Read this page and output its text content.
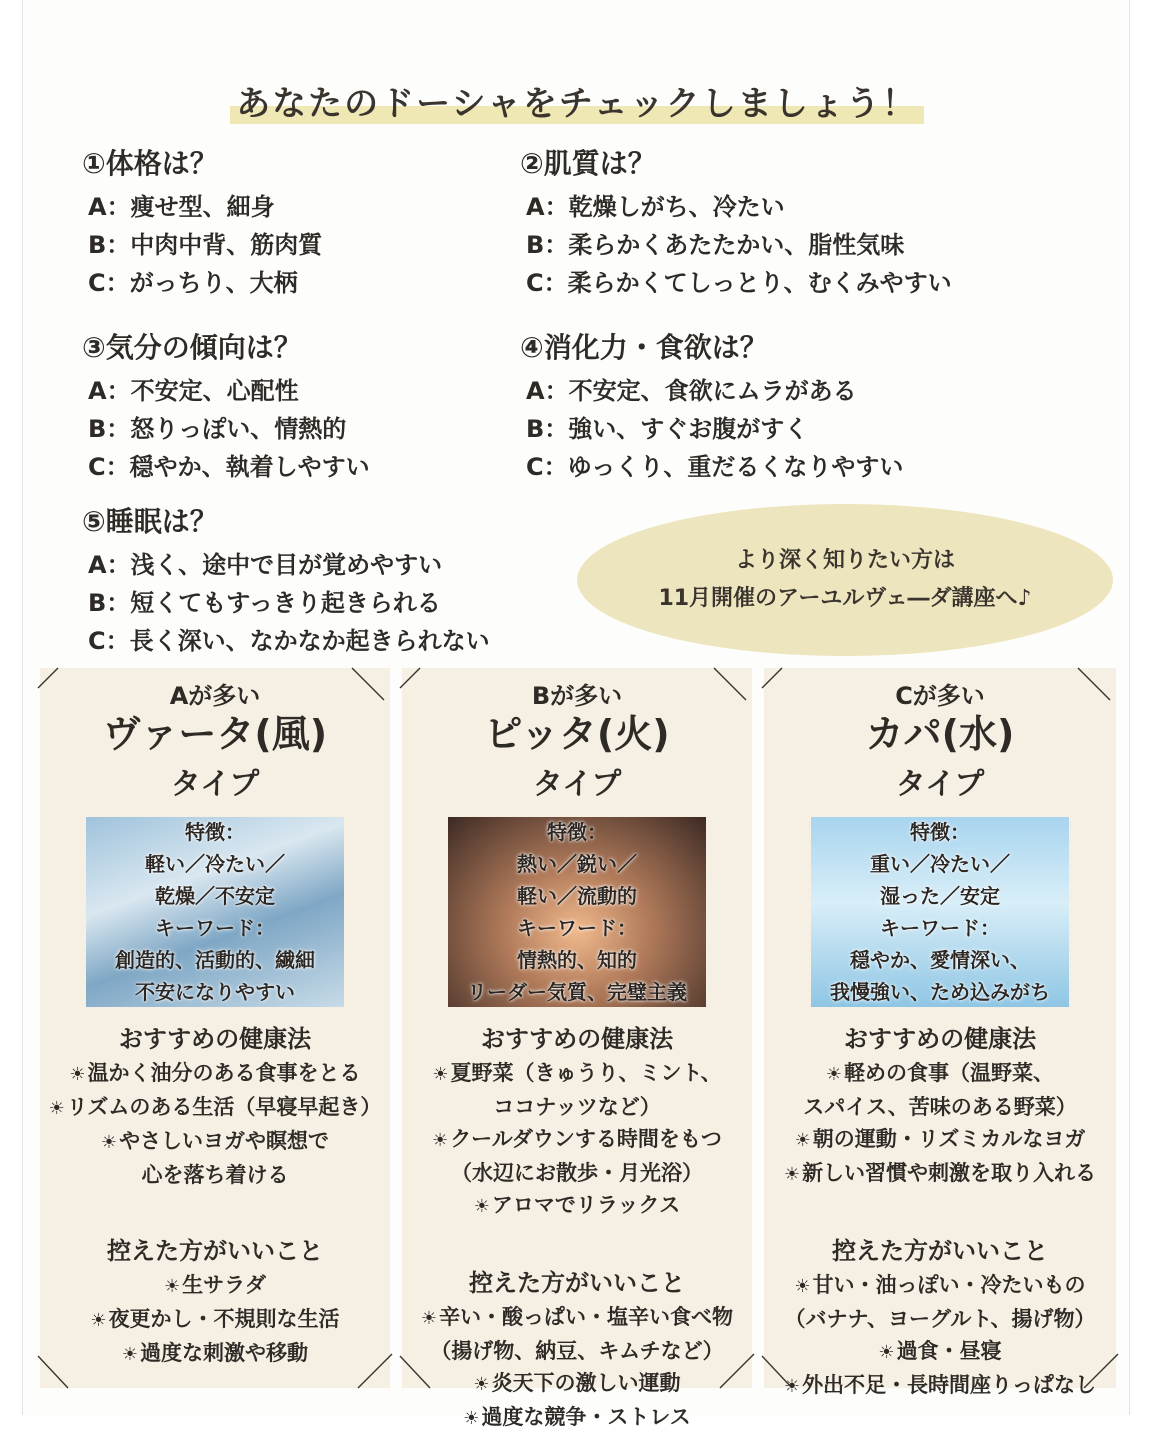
あなたのドーシャをチェックしましょう！
①体格は？
A：痩せ型、細身
B：中肉中背、筋肉質
C：がっちり、大柄
②肌質は？
A：乾燥しがち、冷たい
B：柔らかくあたたかい、脂性気味
C：柔らかくてしっとり、むくみやすい
③気分の傾向は？
A：不安定、心配性
B：怒りっぽい、情熱的
C：穏やか、執着しやすい
④消化力・食欲は？
A：不安定、食欲にムラがある
B：強い、すぐお腹がすく
C：ゆっくり、重だるくなりやすい
⑤睡眠は？
A：浅く、途中で目が覚めやすい
B：短くてもすっきり起きられる
C：長く深い、なかなか起きられない
より深く知りたい方は
11月開催のアーユルヴェ―ダ講座へ♪
Aが多い
ヴァータ(風)
タイプ
特徴：
軽い／冷たい／
乾燥／不安定
キーワード：
創造的、活動的、繊細
不安になりやすい
おすすめの健康法
☀温かく油分のある食事をとる
☀リズムのある生活（早寝早起き）
☀やさしいヨガや瞑想で
心を落ち着ける
控えた方がいいこと
☀生サラダ
☀夜更かし・不規則な生活
☀過度な刺激や移動
Bが多い
ピッタ(火)
タイプ
特徴：
熱い／鋭い／
軽い／流動的
キーワード：
情熱的、知的
リーダー気質、完璧主義
おすすめの健康法
☀夏野菜（きゅうり、ミント、
ココナッツなど）
☀クールダウンする時間をもつ
（水辺にお散歩・月光浴）
☀アロマでリラックス
控えた方がいいこと
☀辛い・酸っぱい・塩辛い食べ物
（揚げ物、納豆、キムチなど）
☀炎天下の激しい運動
☀過度な競争・ストレス
Cが多い
カパ(水)
タイプ
特徴：
重い／冷たい／
湿った／安定
キーワード：
穏やか、愛情深い、
我慢強い、ため込みがち
おすすめの健康法
☀軽めの食事（温野菜、
スパイス、苦味のある野菜）
☀朝の運動・リズミカルなヨガ
☀新しい習慣や刺激を取り入れる
控えた方がいいこと
☀甘い・油っぽい・冷たいもの
（バナナ、ヨーグルト、揚げ物）
☀過食・昼寝
☀外出不足・長時間座りっぱなし
